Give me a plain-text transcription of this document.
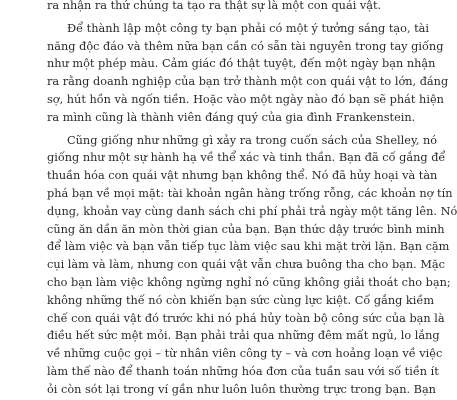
ra nhận ra thứ chúng ta tạo ra thật sự là một con quái vật.
Để thành lập một công ty bạn phải có một ý tưởng sáng tạo, tài
năng độc đáo và thêm nữa bạn cần có sẵn tài nguyên trong tay giống
như một phép màu. Cảm giác đó thật tuyệt, đến một ngày bạn nhận
ra rằng doanh nghiệp của bạn trở thành một con quái vật to lớn, đáng
sợ, hút hồn và ngốn tiền. Hoặc vào một ngày nào đó bạn sẽ phát hiện
ra mình cũng là thành viên đáng quý của gia đình Frankenstein.
Cũng giống như những gì xảy ra trong cuốn sách của Shelley, nó
giống như một sự hành hạ về thể xác và tinh thần. Bạn đã cố gắng để
thuần hóa con quái vật nhưng bạn không thể. Nó đã hủy hoại và tàn
phá bạn về mọi mặt: tài khoản ngân hàng trống rỗng, các khoản nợ tín
dụng, khoản vay cùng danh sách chi phí phải trả ngày một tăng lên. Nó
cũng ăn dần ăn mòn thời gian của bạn. Bạn thức dậy trước bình minh
để làm việc và bạn vẫn tiếp tục làm việc sau khi mặt trời lặn. Bạn cặm
cụi làm và làm, nhưng con quái vật vẫn chưa buông tha cho bạn. Mặc
cho bạn làm việc không ngừng nghỉ nó cũng không giải thoát cho bạn;
không những thế nó còn khiến bạn sức cùng lực kiệt. Cố gắng kiềm
chế con quái vật đó trước khi nó phá hủy toàn bộ công sức của bạn là
điều hết sức mệt mỏi. Bạn phải trải qua những đêm mất ngủ, lo lắng
về những cuộc gọi – từ nhân viên công ty – và cơn hoảng loạn về việc
làm thế nào để thanh toán những hóa đơn của tuần sau với số tiền ít
ỏi còn sót lại trong ví gần như luôn luôn thường trực trong bạn. Bạn
